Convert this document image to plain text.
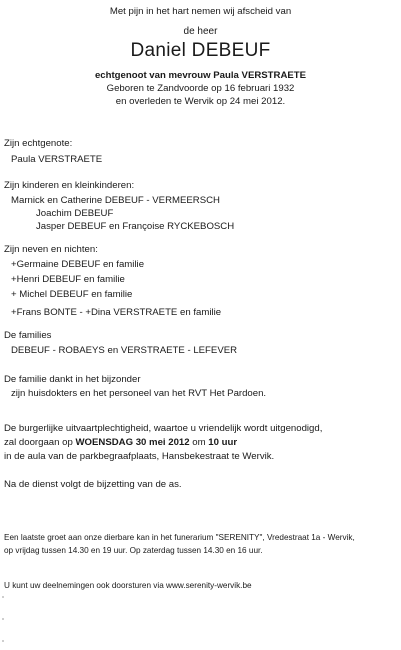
Met pijn in het hart nemen wij afscheid van
de heer
Daniel DEBEUF
echtgenoot van mevrouw Paula VERSTRAETE
Geboren te Zandvoorde op 16 februari 1932
en overleden te Wervik op 24 mei 2012.
Zijn echtgenote:
Paula VERSTRAETE
Zijn kinderen en kleinkinderen:
Marnick en Catherine DEBEUF - VERMEERSCH
Joachim DEBEUF
Jasper DEBEUF en Françoise RYCKEBOSCH
Zijn neven en nichten:
+Germaine DEBEUF en familie
+Henri DEBEUF en familie
+ Michel DEBEUF en familie
+Frans BONTE - +Dina VERSTRAETE en familie
De families
DEBEUF - ROBAEYS en VERSTRAETE - LEFEVER
De familie dankt in het bijzonder
zijn huisdokters en het personeel van het RVT Het Pardoen.
De burgerlijke uitvaartplechtigheid, waartoe u vriendelijk wordt uitgenodigd,
zal doorgaan op WOENSDAG 30 mei 2012 om 10 uur
in de aula van de parkbegraafplaats, Hansbekestraat te Wervik.
Na de dienst volgt de bijzetting van de as.
Een laatste groet aan onze dierbare kan in het funerarium "SERENITY", Vredestraat 1a - Wervik,
op vrijdag tussen 14.30 en 19 uur. Op zaterdag tussen 14.30 en 16 uur.
U kunt uw deelnemingen ook doorsturen via www.serenity-wervik.be
